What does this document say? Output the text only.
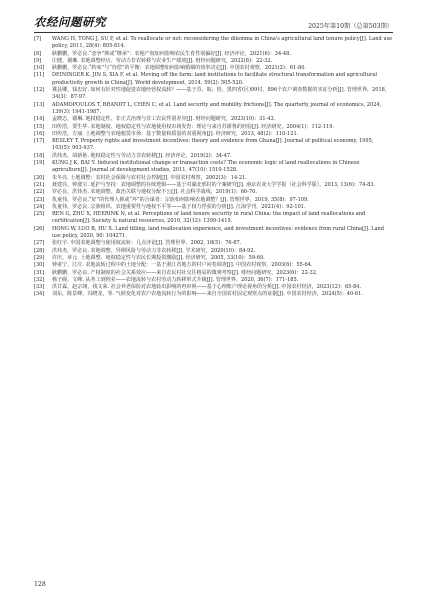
农经问题研究	2025年第10期（总第503期）
[7]	WANG H, TONG J, SU F, et al. To reallocate or not: reconsidering the dilemma in China's agricultural land tenure policy[J]. Land use policy, 2011, 28(4): 805-814.
[8]	耿鹏鹏，罗必良.“恋争”抑或“继承”：农地产权如何影响农民生育性别偏好[J]. 经济评论，2021(6)：34-48.
[9]	庄健，谢琳. 农地调整经历、劳动力非农转移与农业生产绩效[J]. 财经问题研究，2022(8)：22-32.
[10]	耿鹏鹏，罗必良.“约束”与“待偿”的平衡：农地调整如何影响婚姻的效率决定[J]. 中国农村观察，2021(2)：61-80.
[11]	DEININGER K, JIN S, XIA F, et al. Moving off the farm: land institutions to facilitate structural transformation and agricultural productivity growth in China[J]. World development, 2014, 59(2): 505-520.
[12]	冀县卿，钱忠好. 如何有针对性地促进农地经营权流转？——基于苏、皖、桂、黑四省(区)99村、896个农户调查数据的实证分析[J]. 管理世界，2018, 34(3)：87-97.
[13]	ADAMOPOULOS T, BRANDT L, CHEN C, et al. Land security and mobility frictions[J]. The quarterly journal of economics, 2024, 139(3): 1941-1987.
[14]	孟晓志，谢琳. 地权稳定性、非正式治理与非工农民性别差异[J]. 财经问题研究，2023(10)：31-43.
[15]	田传浩，贾生华. 农地制度、地权稳定性与农地使用权市场发育：理论与来自苏浙鲁的经验[J]. 经济研究，2004(1)：112-119.
[16]	田传浩，方丽. 土地调整与农地租赁市场：基于数量和质量的双重视角[J]. 经济研究，2013, 48(2)：110-121.
[17]	BESLEY T. Property rights and investment incentives: theory and evidence from Ghana[J]. Journal of political economy, 1995, 103(5): 903-937.
[18]	洪炜杰，胡新艳. 地权稳定性与劳动力非农转移[J]. 经济评论，2019(2)：34-47.
[19]	KUNG J K, BAI Y. Induced institutional change or transaction costs? The economic logic of land reallocations in Chinese agriculture[J]. Journal of development studies, 2011, 47(10): 1510-1528.
[20]	朱冬亮. 土地调整：农村社会保障与农村社会控制[J]. 中国农村观察，2002(3)：14-21.
[21]	聂建亮，钟涨宝. 延护与坚持：农地调整的存续逻辑——基于对湖北邢村的个案研究[J]. 南京农业大学学报（社会科学版），2013, 13(6)：74-83.
[22]	罗必良，洪炜杰. 农地调整、政治关联与地权分配不公[J]. 社会科学战线，2019(1)：60-70.
[23]	仇童伟，罗必良.“好”的代理人抑或“坏”的合谋者：宗族如何影响农地调整？[J]. 管理世界，2019, 35(8)：97-109.
[24]	仇童伟，罗必良. 宗族组织、农地重要性与地权不平等——基于权力俘获的分析[J]. 江海学刊，2021(4)：92-101.
[25]	REN G, ZHU X, HEERINK N, et al. Perceptions of land tenure security in rural China: the impact of land reallocations and certification[J]. Society & natural resources, 2019, 32(12): 1399-1415.
[26]	HONG W, LUO B, HU X. Land titling, land reallocation experience, and investment incentives: evidence from rural China[J]. Land use policy, 2020, 90: 104271.
[27]	张红宇. 中国农地调整与使用权流转：几点评论[J]. 管理世界，2002, 18(5)：76-87.
[28]	洪炜杰，罗必良. 农地调整、异期风险与劳动力非农转移[J]. 学术研究，2020(10)：84-92.
[29]	许庆，章元. 土地调整、地权稳定性与农民长期投资激励[J]. 经济研究，2005, 33(10)：59-69.
[30]	钟甫宁，江庄. 农地流转过程中的土地分配：一基于浙江省地方的村户问卷调查[J]. 中国农村观察，2003(6)：55-64.
[31]	耿鹏鹏，罗必良. 产权制度的社会关系效应——来自农民村社交往格局的微观考察[J]. 财经问题研究，2023(6)：22-32.
[32]	杨子砚，文峰. 从务工到创业——农地流转与农村劳动力转移形式升级[J]. 管理世界，2020, 36(7)：171-185.
[33]	洪甘霖，赵宗翊，钱文荣. 社会养老保险对农地转出影响的再审视——基于心理账户理论视角的分析[J]. 中国农村经济，2023(12)：65-84.
[34]	刘东，陈景峰，冯晓龙，等. 气候变化对农户农地流转行为的影响——来自全国农村固定观察点的证据[J]. 中国农村经济，2024(5)：40-61.
128
